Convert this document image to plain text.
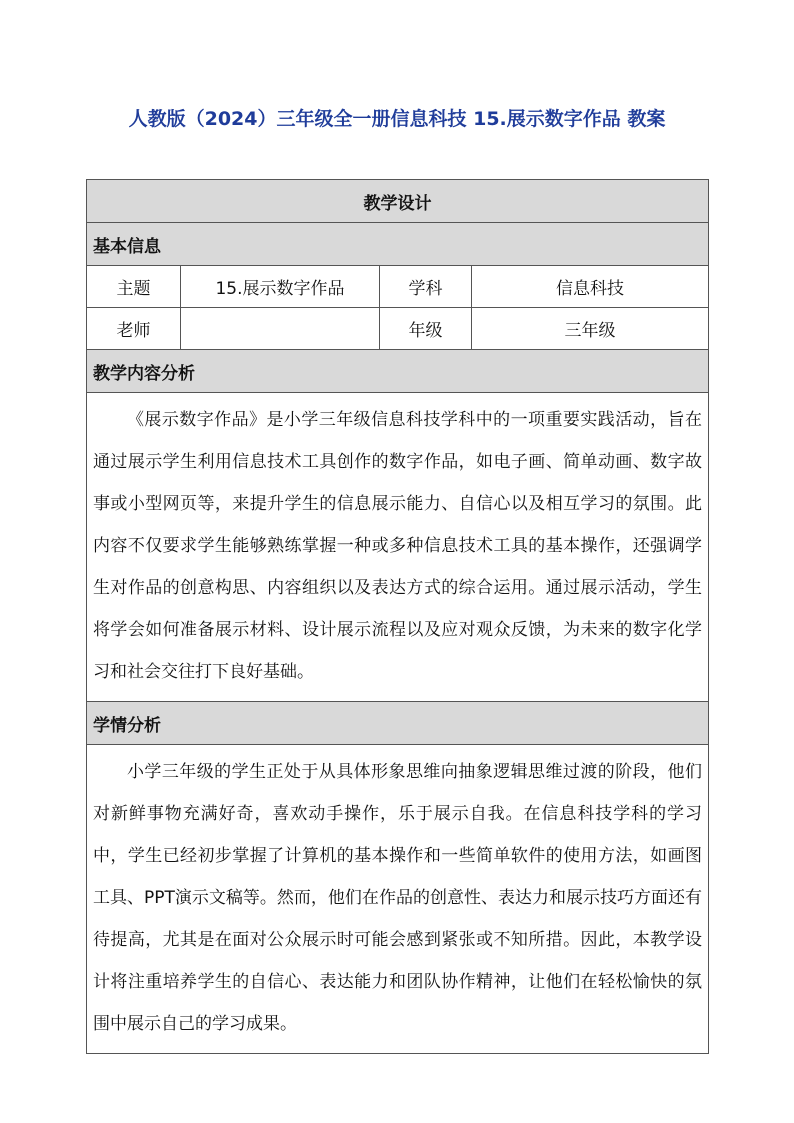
人教版（2024）三年级全一册信息科技 15.展示数字作品 教案
教学设计			
基本信息			
主题	15.展示数字作品	学科	信息科技
老师		年级	三年级
教学内容分析			
《展示数字作品》是小学三年级信息科技学科中的一项重要实践活动，旨在通过展示学生利用信息技术工具创作的数字作品，如电子画、简单动画、数字故事或小型网页等，来提升学生的信息展示能力、自信心以及相互学习的氛围。此内容不仅要求学生能够熟练掌握一种或多种信息技术工具的基本操作，还强调学生对作品的创意构思、内容组织以及表达方式的综合运用。通过展示活动，学生将学会如何准备展示材料、设计展示流程以及应对观众反馈，为未来的数字化学习和社会交往打下良好基础。			
学情分析			
小学三年级的学生正处于从具体形象思维向抽象逻辑思维过渡的阶段，他们对新鲜事物充满好奇，喜欢动手操作，乐于展示自我。在信息科技学科的学习中，学生已经初步掌握了计算机的基本操作和一些简单软件的使用方法，如画图工具、PPT演示文稿等。然而，他们在作品的创意性、表达力和展示技巧方面还有待提高，尤其是在面对公众展示时可能会感到紧张或不知所措。因此，本教学设计将注重培养学生的自信心、表达能力和团队协作精神，让他们在轻松愉快的氛围中展示自己的学习成果。			
